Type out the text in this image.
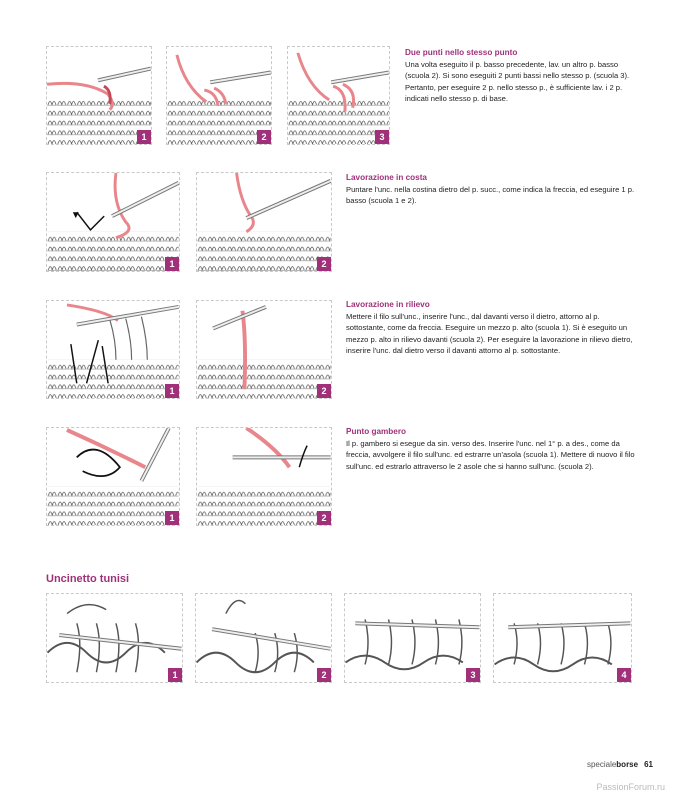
1	2	3
Due punti nello stesso punto

Una volta eseguito il p. basso precedente, lav. un altro p. basso (scuola 2). Si sono eseguiti 2 punti bassi nello stesso p. (scuola 3). Pertanto, per eseguire 2 p. nello stesso p., è sufficiente lav. i 2 p. indicati nello stesso p. di base.

1	2
Lavorazione in costa

Puntare l'unc. nella costina dietro del p. succ., come indica la freccia, ed eseguire 1 p. basso (scuola 1 e 2).

1	2
Lavorazione in rilievo

Mettere il filo sull'unc., inserire l'unc., dal davanti verso il dietro, attorno al p. sottostante, come da freccia. Eseguire un mezzo p. alto (scuola 1). Si è eseguito un mezzo p. alto in rilievo davanti (scuola 2). Per eseguire la lavorazione in rilievo dietro, inserire l'unc. dal dietro verso il davanti attorno al p. sottostante.

1	2
Punto gambero

Il p. gambero si esegue da sin. verso des. Inserire l'unc. nel 1° p. a des., come da freccia, avvolgere il filo sull'unc. ed estrarre un'asola (scuola 1). Mettere di nuovo il filo sull'unc. ed estrarlo attraverso le 2 asole che si hanno sull'unc. (scuola 2).

Uncinetto tunisi
1	2	3	4
specialeborse 61
PassionForum.ru
